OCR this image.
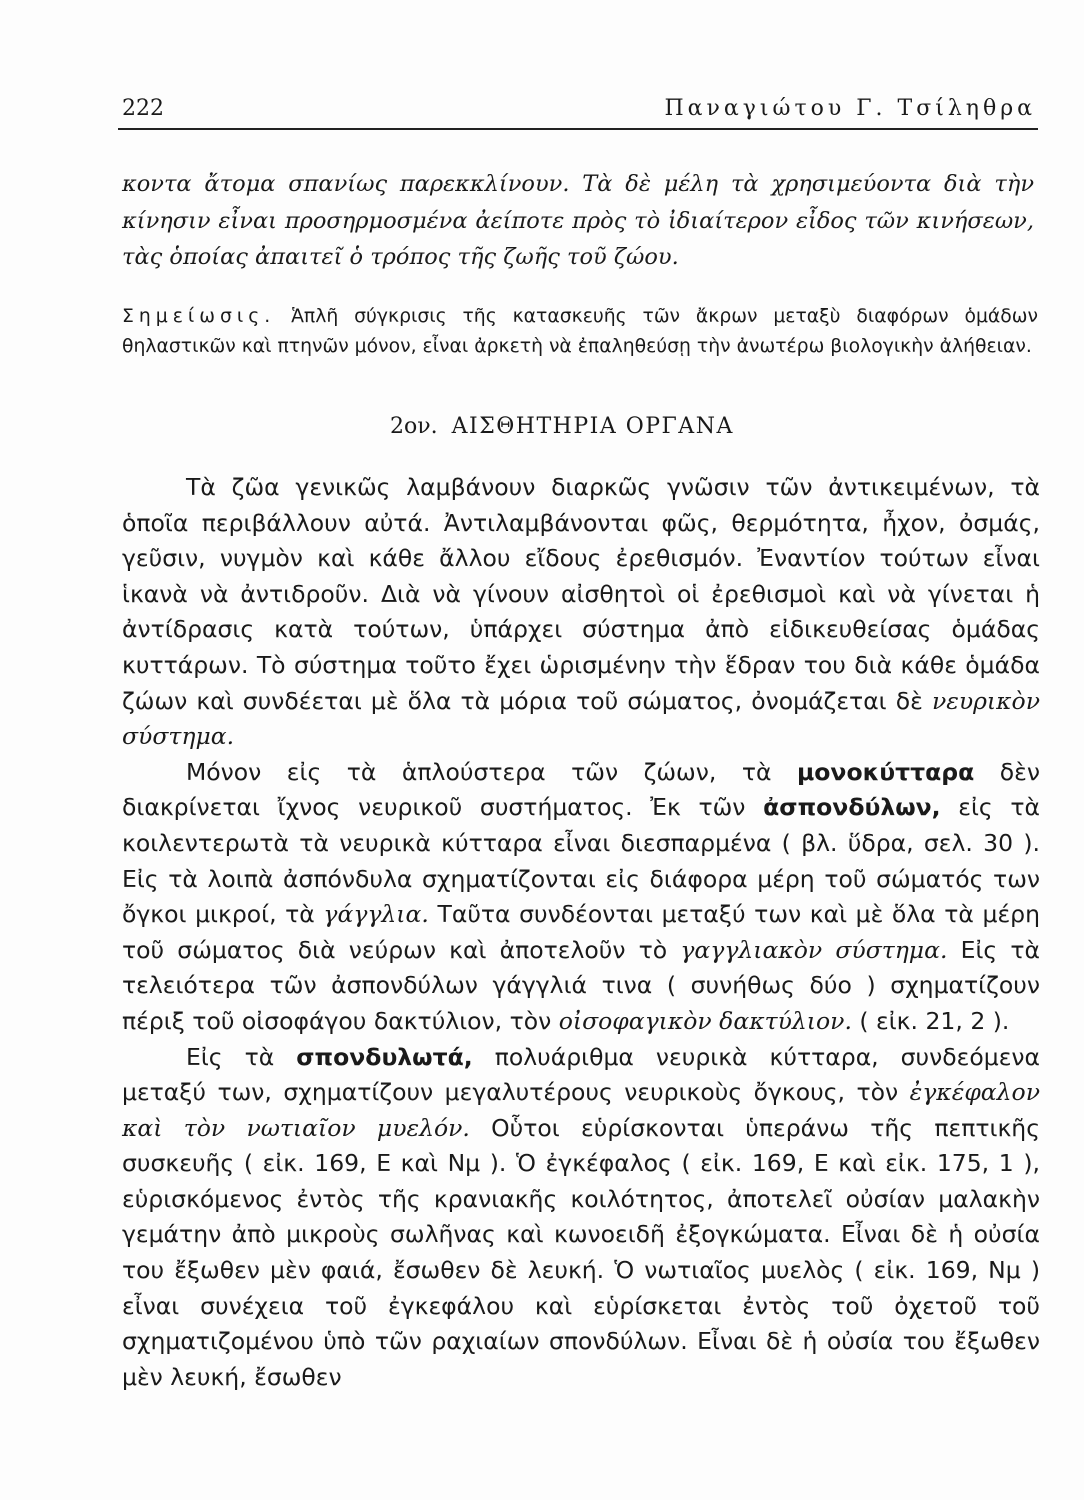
222	Παναγιώτου Γ. Τσίληθρα

κοντα ἄτομα σπανίως παρεκκλίνουν. Τὰ δὲ μέλη τὰ χρησιμεύοντα διὰ τὴν κίνησιν εἶναι προσηρμοσμένα ἀείποτε πρὸς τὸ ἰδιαίτερον εἶδος τῶν κινήσεων, τὰς ὁποίας ἀπαιτεῖ ὁ τρόπος τῆς ζωῆς τοῦ ζώου.

Σημείωσις. Ἁπλῆ σύγκρισις τῆς κατασκευῆς τῶν ἄκρων μεταξὺ διαφόρων ὁμάδων θηλαστικῶν καὶ πτηνῶν μόνον, εἶναι ἀρκετὴ νὰ ἐπαληθεύσῃ τὴν ἀνωτέρω βιολογικὴν ἀλήθειαν.

2ον. ΑΙΣΘΗΤΗΡΙΑ ΟΡΓΑΝΑ

Τὰ ζῶα γενικῶς λαμβάνουν διαρκῶς γνῶσιν τῶν ἀντικειμένων, τὰ ὁποῖα περιβάλλουν αὐτά. Ἀντιλαμβάνονται φῶς, θερμότητα, ἦχον, ὀσμάς, γεῦσιν, νυγμὸν καὶ κάθε ἄλλου εἴδους ἐρεθισμόν. Ἐναντίον τούτων εἶναι ἱκανὰ νὰ ἀντιδροῦν. Διὰ νὰ γίνουν αἰσθητοὶ οἱ ἐρεθισμοὶ καὶ νὰ γίνεται ἡ ἀντίδρασις κατὰ τούτων, ὑπάρχει σύστημα ἀπὸ εἰδικευθείσας ὁμάδας κυττάρων. Τὸ σύστημα τοῦτο ἔχει ὡρισμένην τὴν ἕδραν του διὰ κάθε ὁμάδα ζώων καὶ συνδέεται μὲ ὅλα τὰ μόρια τοῦ σώματος, ὀνομάζεται δὲ νευρικὸν σύστημα.

Μόνον εἰς τὰ ἁπλούστερα τῶν ζώων, τὰ μονοκύτταρα δὲν διακρίνεται ἴχνος νευρικοῦ συστήματος. Ἐκ τῶν ἀσπονδύλων, εἰς τὰ κοιλεντερωτὰ τὰ νευρικὰ κύτταρα εἶναι διεσπαρμένα ( βλ. ὕδρα, σελ. 30 ). Εἰς τὰ λοιπὰ ἀσπόνδυλα σχηματίζονται εἰς διάφορα μέρη τοῦ σώματός των ὄγκοι μικροί, τὰ γάγγλια. Ταῦτα συνδέονται μεταξύ των καὶ μὲ ὅλα τὰ μέρη τοῦ σώματος διὰ νεύρων καὶ ἀποτελοῦν τὸ γαγγλιακὸν σύστημα. Εἰς τὰ τελειότερα τῶν ἀσπονδύλων γάγγλιά τινα ( συνήθως δύο ) σχηματίζουν πέριξ τοῦ οἰσοφάγου δακτύλιον, τὸν οἰσοφαγικὸν δακτύλιον. ( εἰκ. 21, 2 ).

Εἰς τὰ σπονδυλωτά, πολυάριθμα νευρικὰ κύτταρα, συνδεόμενα μεταξύ των, σχηματίζουν μεγαλυτέρους νευρικοὺς ὄγκους, τὸν ἐγκέφαλον καὶ τὸν νωτιαῖον μυελόν. Οὗτοι εὑρίσκονται ὑπεράνω τῆς πεπτικῆς συσκευῆς ( εἰκ. 169, Ε καὶ Νμ ). Ὁ ἐγκέφαλος ( εἰκ. 169, Ε καὶ εἰκ. 175, 1 ), εὑρισκόμενος ἐντὸς τῆς κρανιακῆς κοιλότητος, ἀποτελεῖ οὐσίαν μαλακὴν γεμάτην ἀπὸ μικροὺς σωλῆνας καὶ κωνοειδῆ ἐξογκώματα. Εἶναι δὲ ἡ οὐσία του ἔξωθεν μὲν φαιά, ἔσωθεν δὲ λευκή. Ὁ νωτιαῖος μυελὸς ( εἰκ. 169, Νμ ) εἶναι συνέχεια τοῦ ἐγκεφάλου καὶ εὑρίσκεται ἐντὸς τοῦ ὀχετοῦ τοῦ σχηματιζομένου ὑπὸ τῶν ραχιαίων σπονδύλων. Εἶναι δὲ ἡ οὐσία του ἔξωθεν μὲν λευκή, ἔσωθεν
